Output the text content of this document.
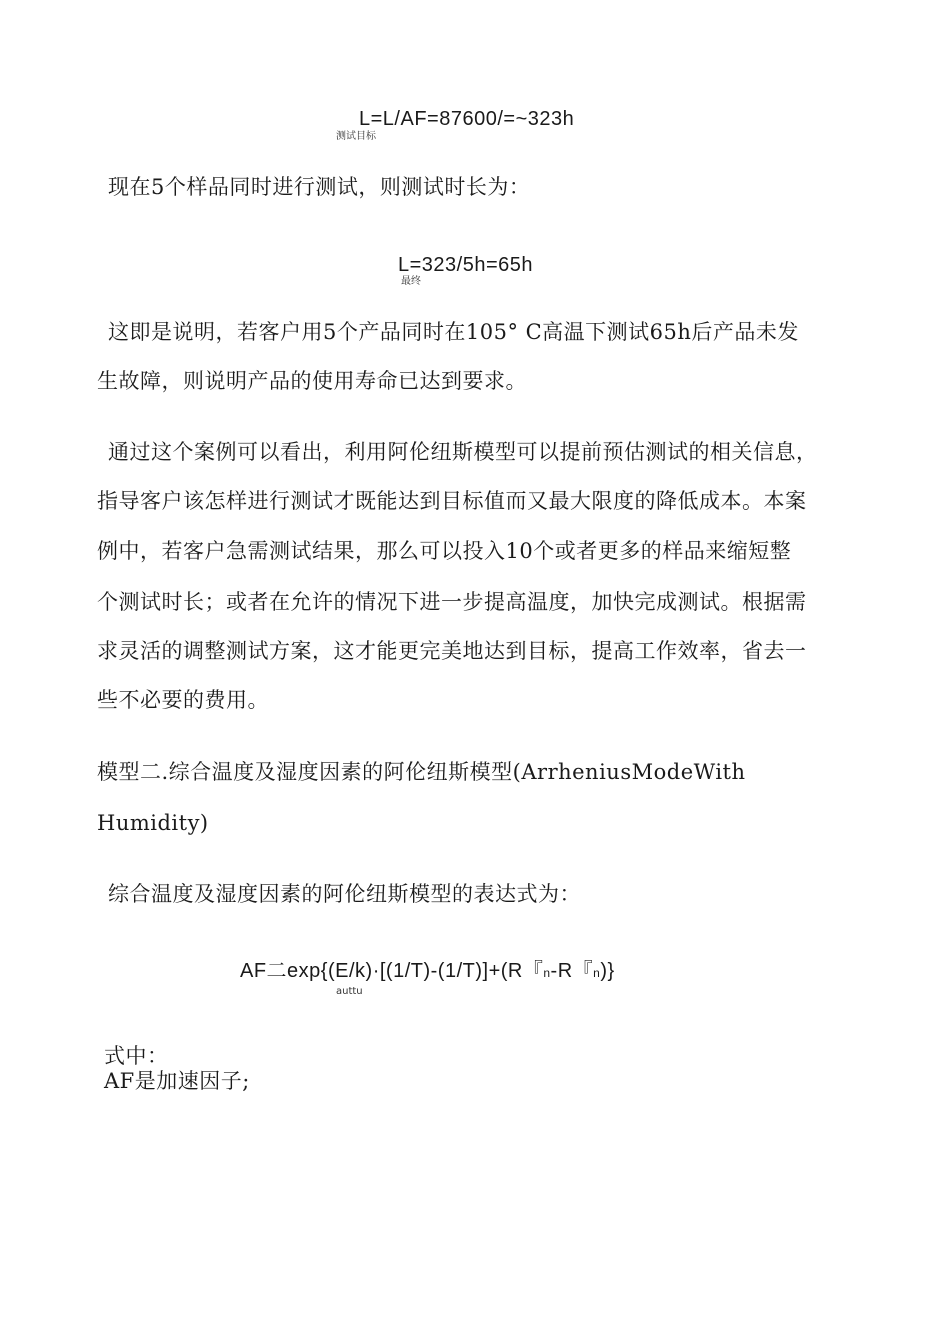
L=L/AF=87600/=~323h
测试目标
现在5个样品同时进行测试，则测试时长为：
L=323/5h=65h
最终
这即是说明，若客户用5个产品同时在105° C高温下测试65h后产品未发
生故障，则说明产品的使用寿命已达到要求。
通过这个案例可以看出，利用阿伦纽斯模型可以提前预估测试的相关信息，
指导客户该怎样进行测试才既能达到目标值而又最大限度的降低成本。本案
例中，若客户急需测试结果，那么可以投入10个或者更多的样品来缩短整
个测试时长；或者在允许的情况下进一步提高温度，加快完成测试。根据需
求灵活的调整测试方案，这才能更完美地达到目标，提高工作效率，省去一
些不必要的费用。
模型二.综合温度及湿度因素的阿伦纽斯模型(ArrheniusModeWith
Humidity)
综合温度及湿度因素的阿伦纽斯模型的表达式为：
AF二exp{(E/k)·[(1/T)-(1/T)]+(R『n-R『n)}
auttu
式中：
AF是加速因子;
